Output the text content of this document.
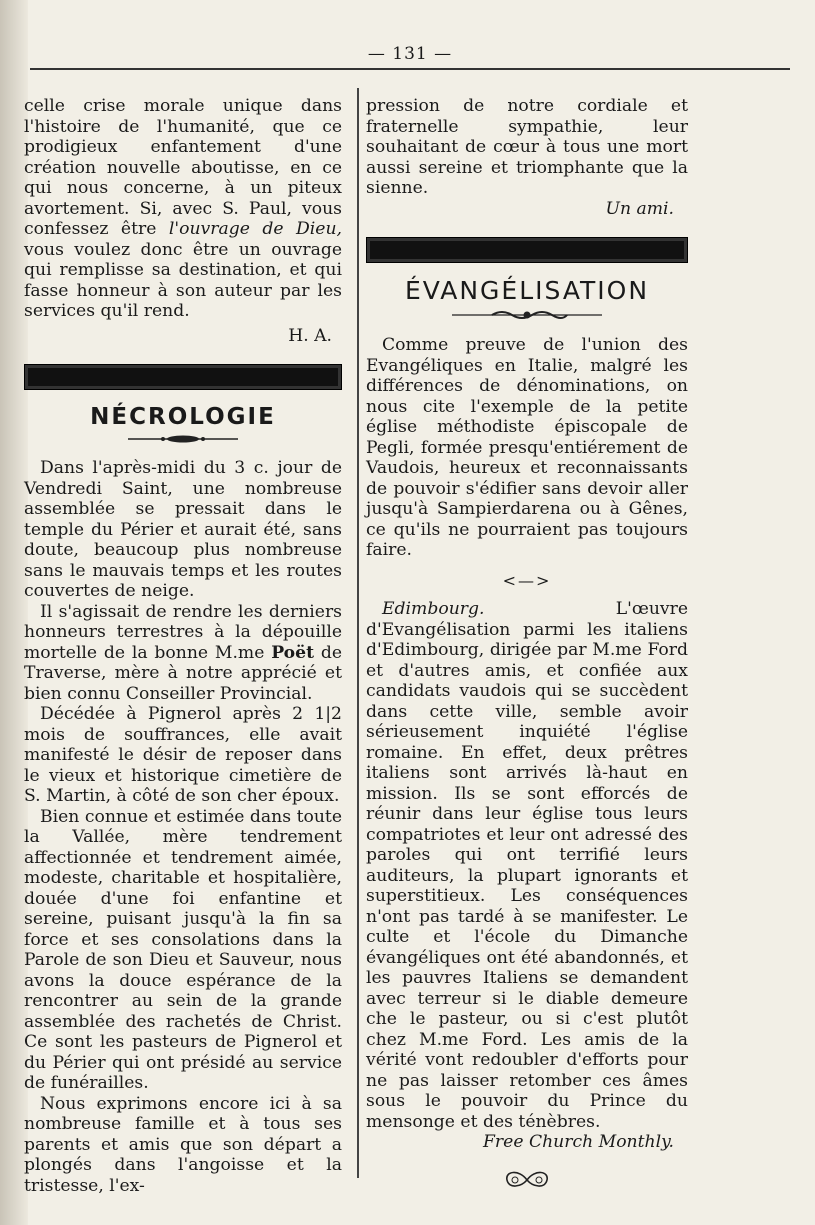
— 131 —

celle crise morale unique dans l'histoire de l'humanité, que ce prodigieux enfantement d'une création nouvelle aboutisse, en ce qui nous concerne, à un piteux avortement. Si, avec S. Paul, vous confessez être l'ouvrage de Dieu, vous voulez donc être un ouvrage qui remplisse sa destination, et qui fasse honneur à son auteur par les services qu'il rend.

H. A.

NÉCROLOGIE

Dans l'après-midi du 3 c. jour de Vendredi Saint, une nombreuse assemblée se pressait dans le temple du Périer et aurait été, sans doute, beaucoup plus nombreuse sans le mauvais temps et les routes couvertes de neige.

Il s'agissait de rendre les derniers honneurs terrestres à la dépouille mortelle de la bonne M.me Poët de Traverse, mère à notre apprécié et bien connu Conseiller Provincial.

Décédée à Pignerol après 2 1|2 mois de souffrances, elle avait manifesté le désir de reposer dans le vieux et historique cimetière de S. Martin, à côté de son cher époux.

Bien connue et estimée dans toute la Vallée, mère tendrement affectionnée et tendrement aimée, modeste, charitable et hospitalière, douée d'une foi enfantine et sereine, puisant jusqu'à la fin sa force et ses consolations dans la Parole de son Dieu et Sauveur, nous avons la douce espérance de la rencontrer au sein de la grande assemblée des rachetés de Christ. Ce sont les pasteurs de Pignerol et du Périer qui ont présidé au service de funérailles.

Nous exprimons encore ici à sa nombreuse famille et à tous ses parents et amis que son départ a plongés dans l'angoisse et la tristesse, l'ex-

pression de notre cordiale et fraternelle sympathie, leur souhaitant de cœur à tous une mort aussi sereine et triomphante que la sienne.

Un ami.

ÉVANGÉLISATION

Comme preuve de l'union des Evangéliques en Italie, malgré les différences de dénominations, on nous cite l'exemple de la petite église méthodiste épiscopale de Pegli, formée presqu'entiérement de Vaudois, heureux et reconnaissants de pouvoir s'édifier sans devoir aller jusqu'à Sampierdarena ou à Gênes, ce qu'ils ne pourraient pas toujours faire.

<—>

Edimbourg.	L'œuvre d'Evangélisation parmi les italiens d'Edimbourg, dirigée par M.me Ford et d'autres amis, et confiée aux candidats vaudois qui se succèdent dans cette ville, semble avoir sérieusement inquiété l'église romaine. En effet, deux prêtres italiens sont arrivés là-haut en mission. Ils se sont efforcés de réunir dans leur église tous leurs compatriotes et leur ont adressé des paroles qui ont terrifié leurs auditeurs, la plupart ignorants et superstitieux. Les conséquences n'ont pas tardé à se manifester. Le culte et l'école du Dimanche évangéliques ont été abandonnés, et les pauvres Italiens se demandent avec terreur si le diable demeure che le pasteur, ou si c'est plutôt chez M.me Ford. Les amis de la vérité vont redoubler d'efforts pour ne pas laisser retomber ces âmes sous le pouvoir du Prince du mensonge et des ténèbres.

Free Church Monthly.
